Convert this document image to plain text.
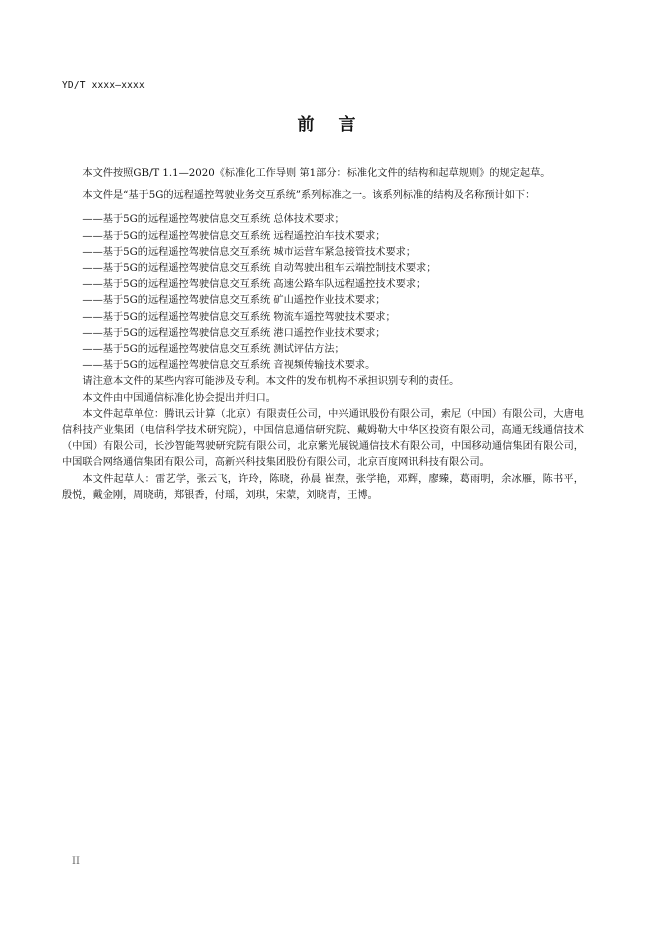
YD/T xxxx—xxxx
前 言

本文件按照GB/T 1.1—2020《标准化工作导则 第1部分：标准化文件的结构和起草规则》的规定起草。

本文件是“基于5G的远程遥控驾驶业务交互系统”系列标准之一。该系列标准的结构及名称预计如下：

——基于5G的远程遥控驾驶信息交互系统 总体技术要求；
——基于5G的远程遥控驾驶信息交互系统 远程遥控泊车技术要求；
——基于5G的远程遥控驾驶信息交互系统 城市运营车紧急接管技术要求；
——基于5G的远程遥控驾驶信息交互系统 自动驾驶出租车云端控制技术要求；
——基于5G的远程遥控驾驶信息交互系统 高速公路车队远程遥控技术要求；
——基于5G的远程遥控驾驶信息交互系统 矿山遥控作业技术要求；
——基于5G的远程遥控驾驶信息交互系统 物流车遥控驾驶技术要求；
——基于5G的远程遥控驾驶信息交互系统 港口遥控作业技术要求；
——基于5G的远程遥控驾驶信息交互系统 测试评估方法；
——基于5G的远程遥控驾驶信息交互系统 音视频传输技术要求。

请注意本文件的某些内容可能涉及专利。本文件的发布机构不承担识别专利的责任。

本文件由中国通信标准化协会提出并归口。

本文件起草单位：腾讯云计算（北京）有限责任公司，中兴通讯股份有限公司，索尼（中国）有限公司，大唐电信科技产业集团（电信科学技术研究院），中国信息通信研究院、戴姆勒大中华区投资有限公司，高通无线通信技术（中国）有限公司，长沙智能驾驶研究院有限公司，北京紫光展锐通信技术有限公司，中国移动通信集团有限公司，中国联合网络通信集团有限公司，高新兴科技集团股份有限公司，北京百度网讯科技有限公司。

本文件起草人：雷艺学，张云飞，许玲，陈晓，孙晨 崔焘，张学艳，邓辉，廖臻，葛雨明，余冰雁，陈书平，殷悦，戴金刚，周晓萌，郑银香，付瑶，刘琪，宋蒙，刘晓青，王博。

II
